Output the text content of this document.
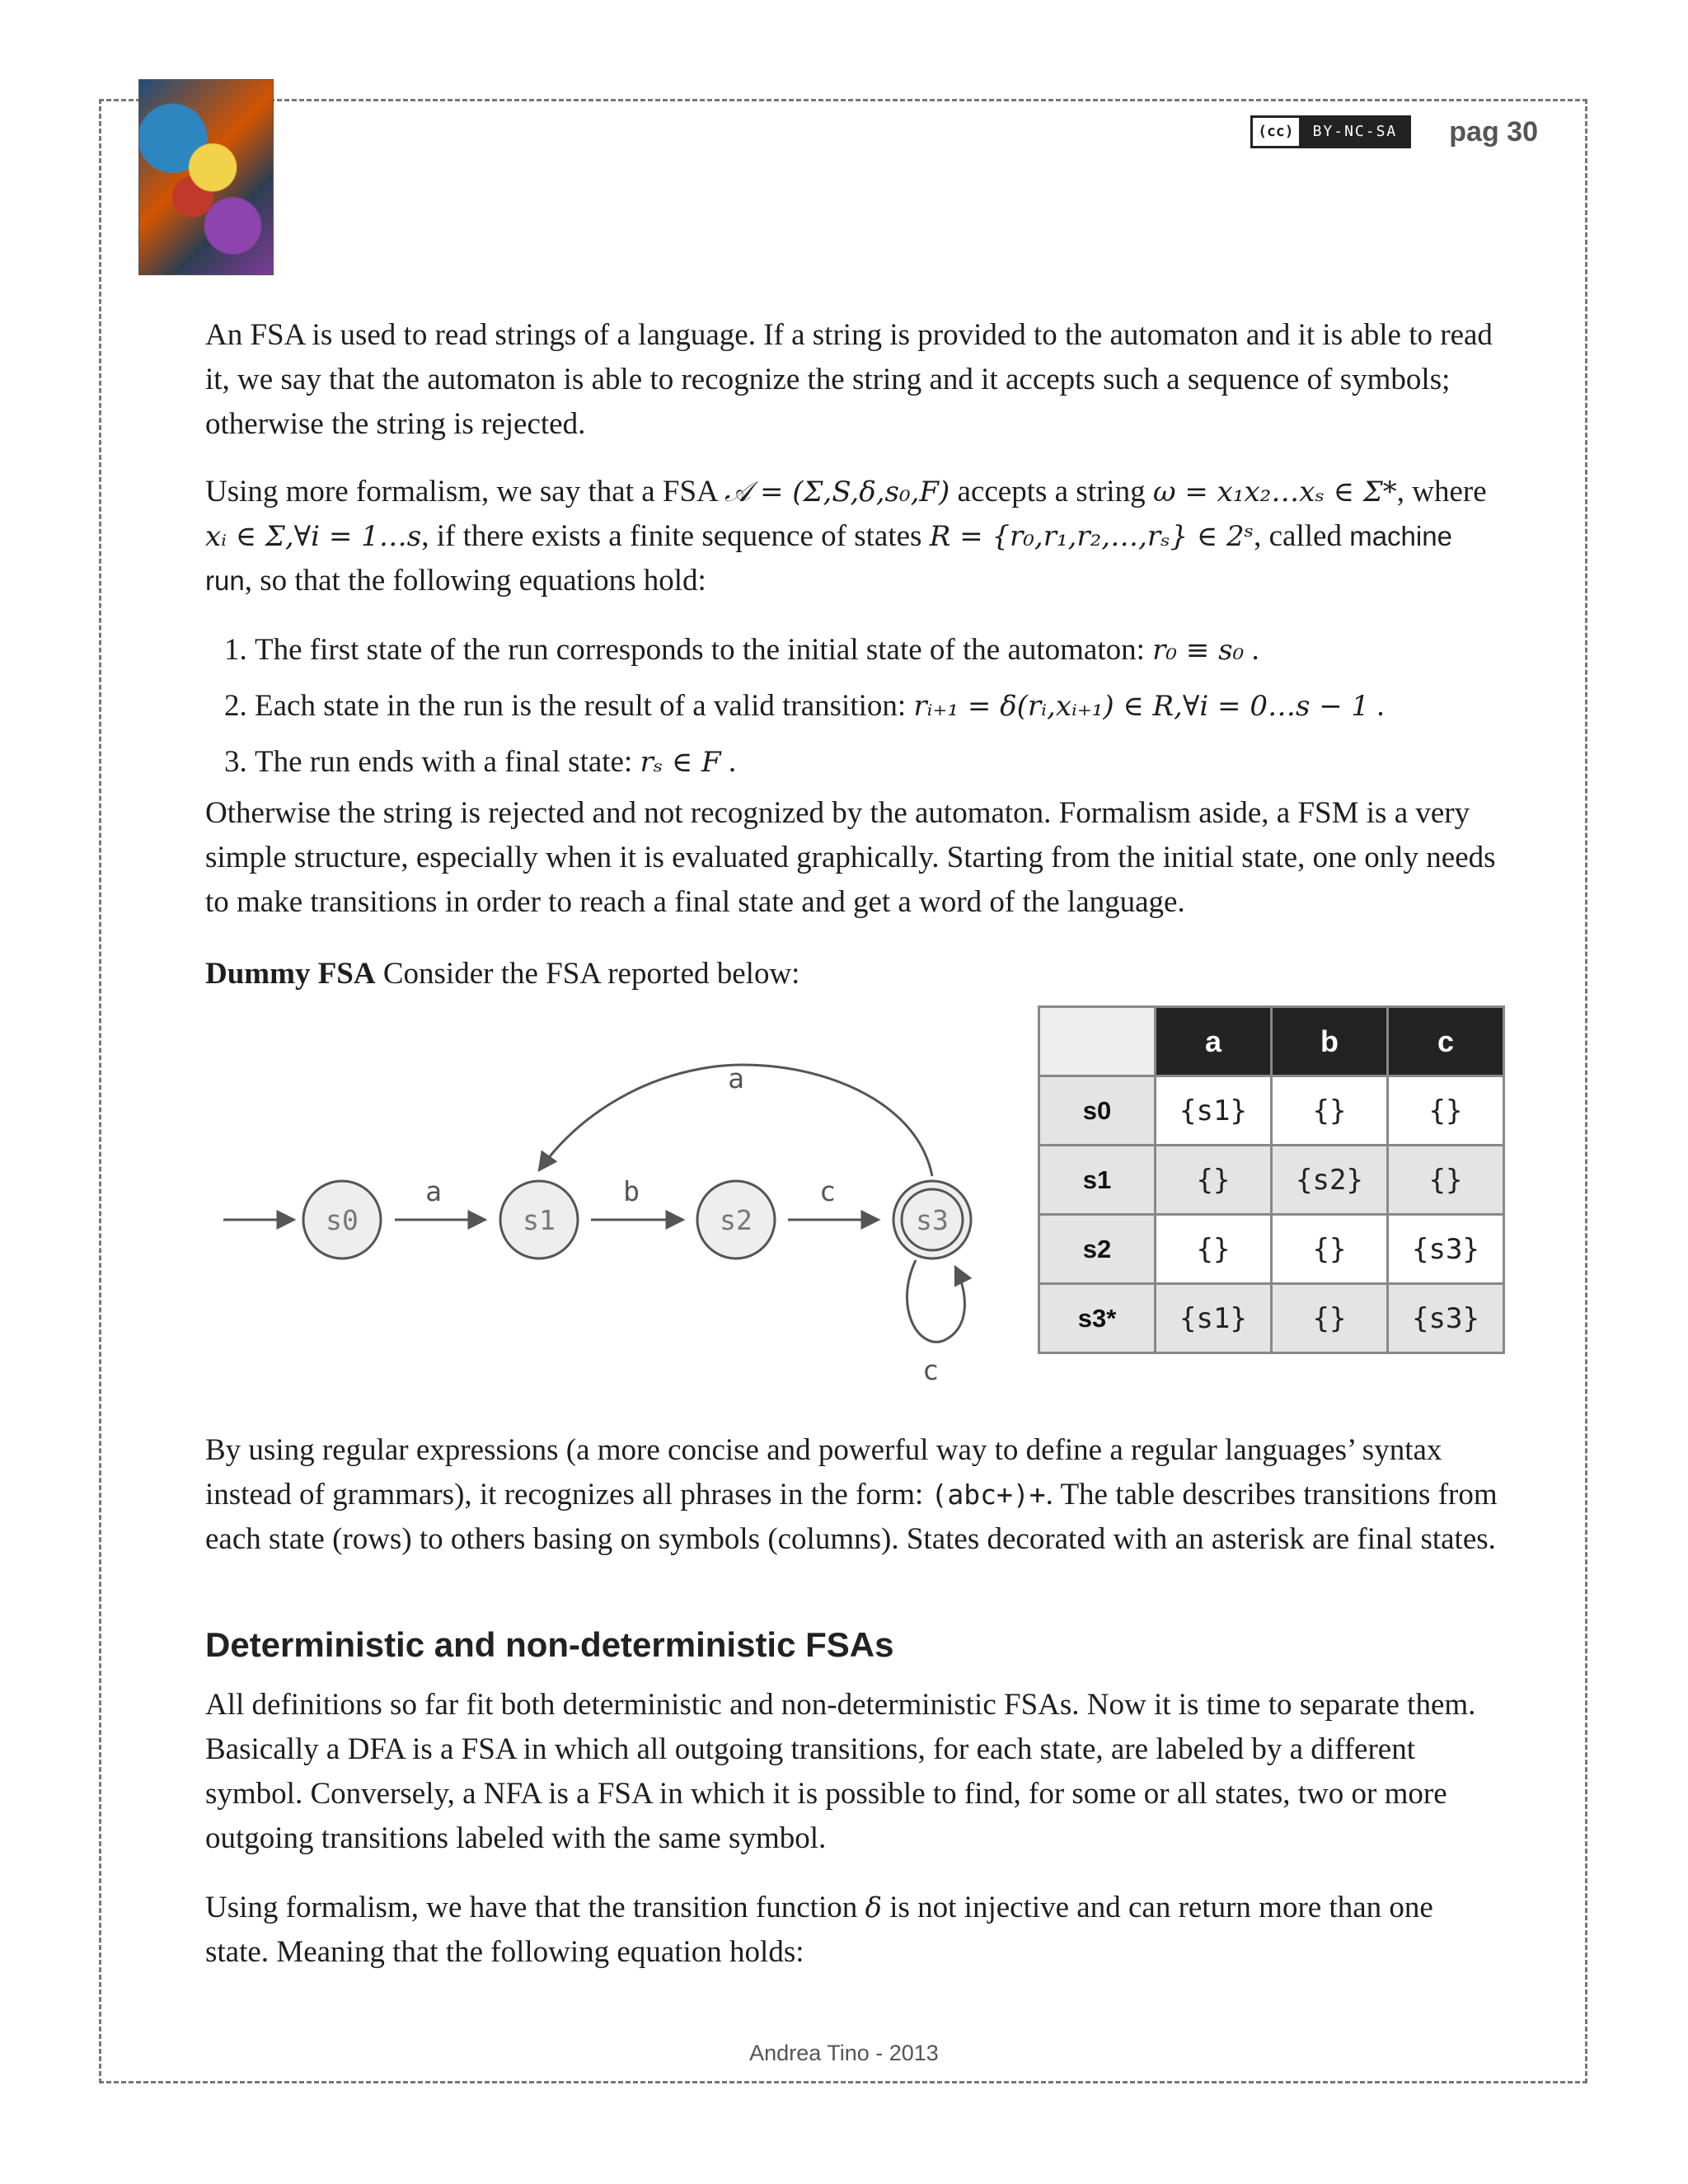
(cc)	BY-NC-SA	pag 30

An FSA is used to read strings of a language. If a string is provided to the automaton and it is able to read it, we say that the automaton is able to recognize the string and it accepts such a sequence of symbols; otherwise the string is rejected.

Using more formalism, we say that a FSA 𝒜 = (Σ,S,δ,s₀,F) accepts a string ω = x₁x₂…xₛ ∈ Σ*, where xᵢ ∈ Σ,∀i = 1…s, if there exists a finite sequence of states R = {r₀,r₁,r₂,…,rₛ} ∈ 2ˢ, called machine run, so that the following equations hold:

1. The first state of the run corresponds to the initial state of the automaton: r₀ ≡ s₀ .
2. Each state in the run is the result of a valid transition: rᵢ₊₁ = δ(rᵢ,xᵢ₊₁) ∈ R,∀i = 0…s − 1 .
3. The run ends with a final state: rₛ ∈ F .

Otherwise the string is rejected and not recognized by the automaton. Formalism aside, a FSM is a very simple structure, especially when it is evaluated graphically. Starting from the initial state, one only needs to make transitions in order to reach a final state and get a word of the language.

Dummy FSA Consider the FSA reported below:

s0	s1	s2	s3
a	b	c
a
c
	a	b	c
s0	{s1}	{}	{}
s1	{}	{s2}	{}
s2	{}	{}	{s3}
s3*	{s1}	{}	{s3}

By using regular expressions (a more concise and powerful way to define a regular languages’ syntax instead of grammars), it recognizes all phrases in the form: (abc+)+. The table describes transitions from each state (rows) to others basing on symbols (columns). States decorated with an asterisk are final states.

Deterministic and non-deterministic FSAs

All definitions so far fit both deterministic and non-deterministic FSAs. Now it is time to separate them. Basically a DFA is a FSA in which all outgoing transitions, for each state, are labeled by a different symbol. Conversely, a NFA is a FSA in which it is possible to find, for some or all states, two or more outgoing transitions labeled with the same symbol.

Using formalism, we have that the transition function δ is not injective and can return more than one state. Meaning that the following equation holds:

Andrea Tino - 2013
